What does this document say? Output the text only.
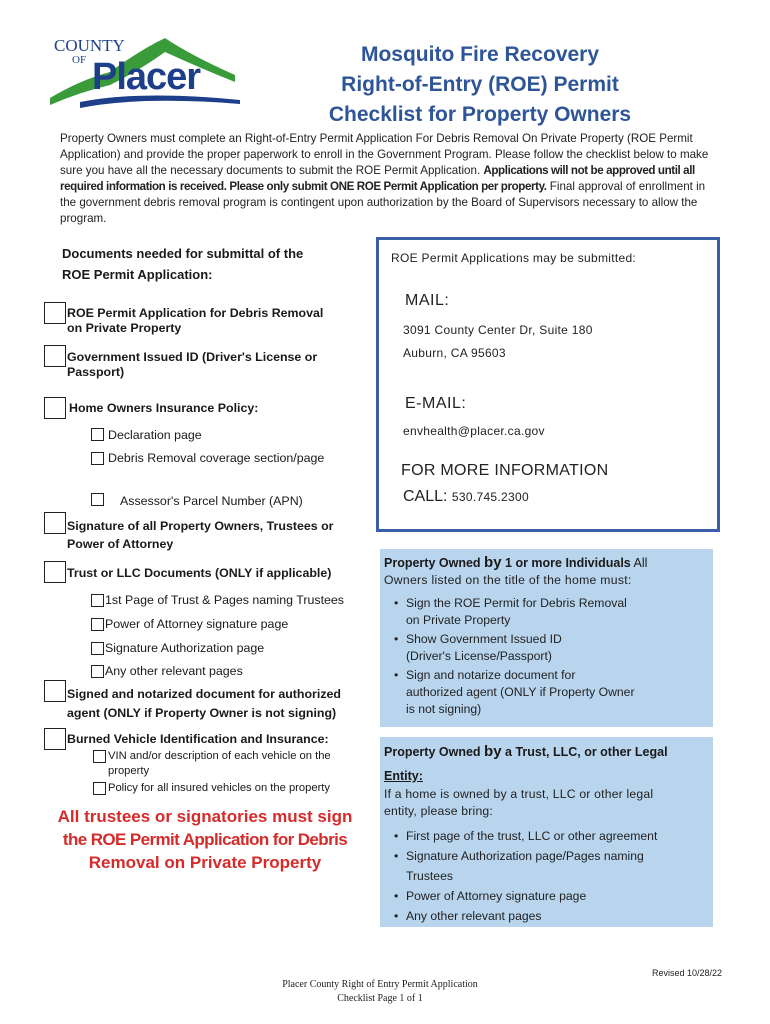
COUNTY
OF Placer
Mosquito Fire Recovery
Right-of-Entry (ROE) Permit
Checklist for Property Owners
Property Owners must complete an Right-of-Entry Permit Application For Debris Removal On Private Property (ROE Permit Application) and provide the proper paperwork to enroll in the Government Program. Please follow the checklist below to make sure you have all the necessary documents to submit the ROE Permit Application. Applications will not be approved until all required information is received. Please only submit ONE ROE Permit Application per property. Final approval of enrollment in the government debris removal program is contingent upon authorization by the Board of Supervisors necessary to allow the program.
Documents needed for submittal of the
ROE Permit Application:
ROE Permit Application for Debris Removal
on Private Property
Government Issued ID (Driver's License or
Passport)
Home Owners Insurance Policy:
Declaration page
Debris Removal coverage section/page
Assessor's Parcel Number (APN)
Signature of all Property Owners, Trustees or
Power of Attorney
Trust or LLC Documents (ONLY if applicable)
1st Page of Trust & Pages naming Trustees
Power of Attorney signature page
Signature Authorization page
Any other relevant pages
Signed and notarized document for authorized
agent (ONLY if Property Owner is not signing)
Burned Vehicle Identification and Insurance:
VIN and/or description of each vehicle on the
property
Policy for all insured vehicles on the property
All trustees or signatories must sign
the ROE Permit Application for Debris
Removal on Private Property
ROE Permit Applications may be submitted:
MAIL:
3091 County Center Dr, Suite 180
Auburn, CA 95603
E-MAIL:
envhealth@placer.ca.gov
FOR MORE INFORMATION
CALL: 530.745.2300
Property Owned by 1 or more Individuals All
Owners listed on the title of the home must:
• Sign the ROE Permit for Debris Removal
on Private Property
• Show Government Issued ID
(Driver's License/Passport)
• Sign and notarize document for
authorized agent (ONLY if Property Owner
is not signing)
Property Owned by a Trust, LLC, or other Legal
Entity:
If a home is owned by a trust, LLC or other legal
entity, please bring:
• First page of the trust, LLC or other agreement
• Signature Authorization page/Pages naming
Trustees
• Power of Attorney signature page
• Any other relevant pages
Placer County Right of Entry Permit Application
Checklist Page 1 of 1
Revised 10/28/22
